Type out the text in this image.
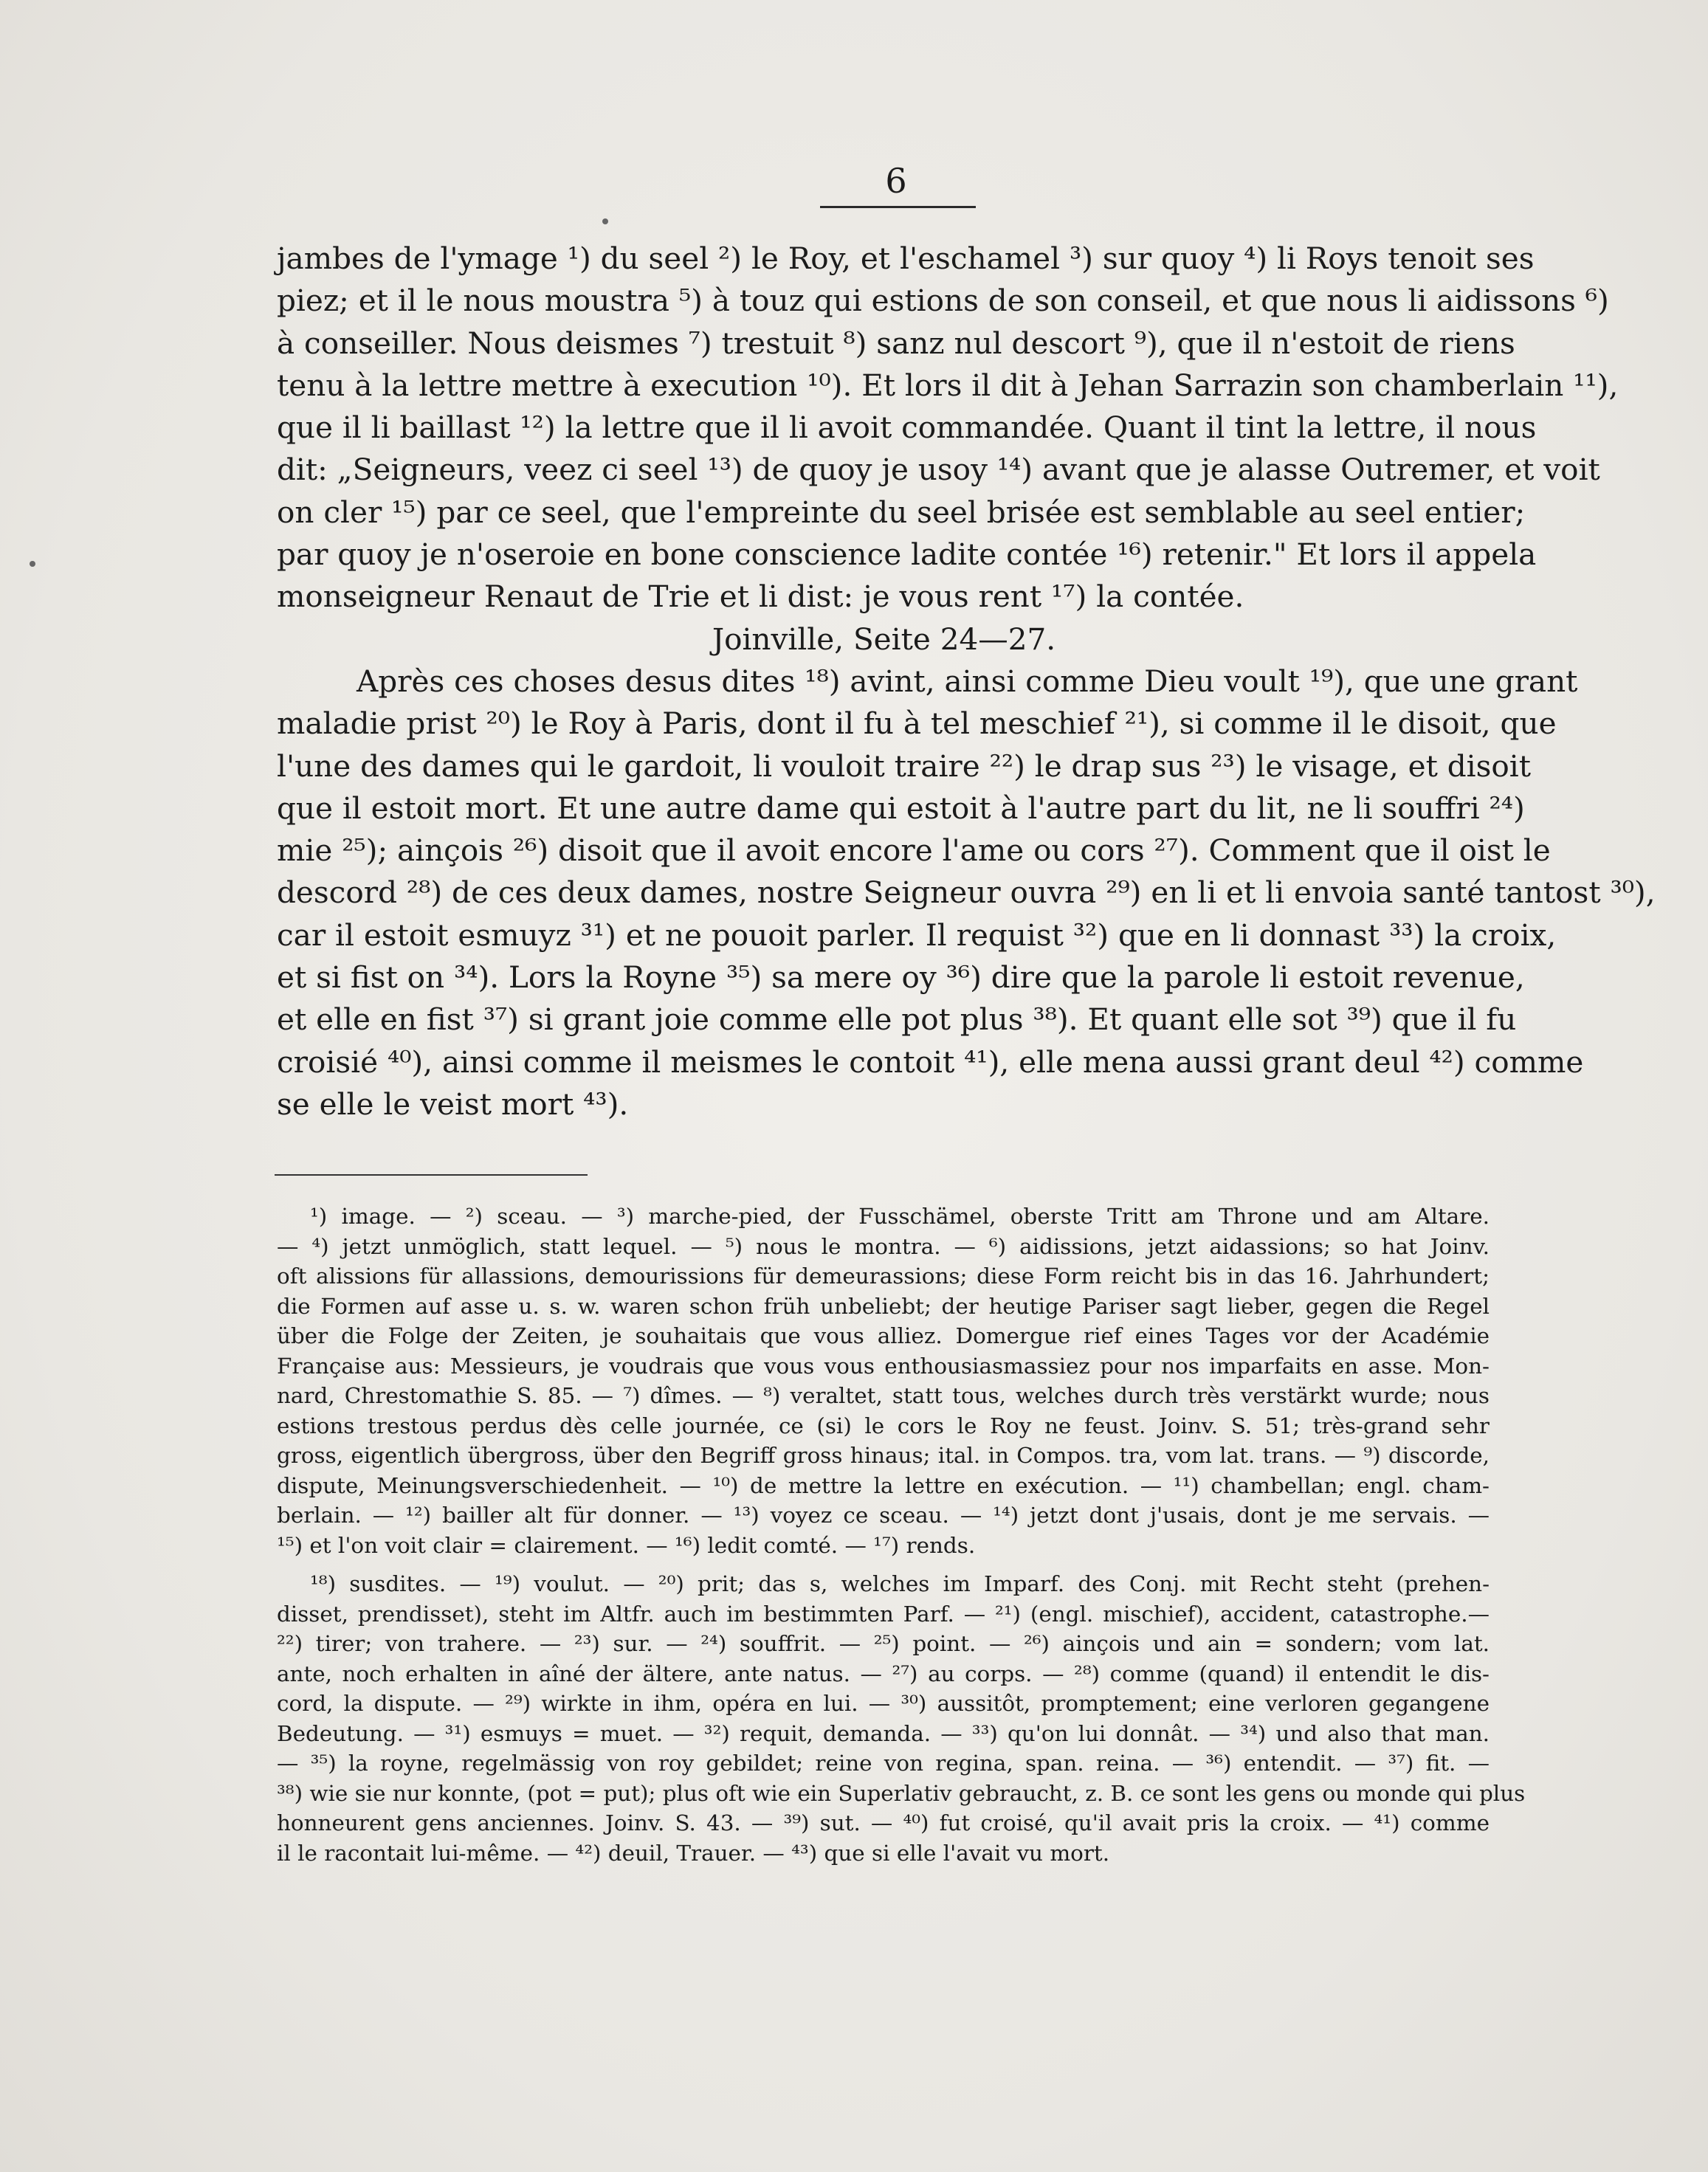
6
jambes de l'ymage ¹) du seel ²) le Roy, et l'eschamel ³) sur quoy ⁴) li Roys tenoit ses
piez; et il le nous moustra ⁵) à touz qui estions de son conseil, et que nous li aidissons ⁶)
à conseiller. Nous deismes ⁷) trestuit ⁸) sanz nul descort ⁹), que il n'estoit de riens
tenu à la lettre mettre à execution ¹⁰). Et lors il dit à Jehan Sarrazin son chamberlain ¹¹),
que il li baillast ¹²) la lettre que il li avoit commandée. Quant il tint la lettre, il nous
dit: „Seigneurs, veez ci seel ¹³) de quoy je usoy ¹⁴) avant que je alasse Outremer, et voit
on cler ¹⁵) par ce seel, que l'empreinte du seel brisée est semblable au seel entier;
par quoy je n'oseroie en bone conscience ladite contée ¹⁶) retenir." Et lors il appela
monseigneur Renaut de Trie et li dist: je vous rent ¹⁷) la contée.
Joinville, Seite 24—27.
Après ces choses desus dites ¹⁸) avint, ainsi comme Dieu voult ¹⁹), que une grant
maladie prist ²⁰) le Roy à Paris, dont il fu à tel meschief ²¹), si comme il le disoit, que
l'une des dames qui le gardoit, li vouloit traire ²²) le drap sus ²³) le visage, et disoit
que il estoit mort. Et une autre dame qui estoit à l'autre part du lit, ne li souffri ²⁴)
mie ²⁵); ainçois ²⁶) disoit que il avoit encore l'ame ou cors ²⁷). Comment que il oist le
descord ²⁸) de ces deux dames, nostre Seigneur ouvra ²⁹) en li et li envoia santé tantost ³⁰),
car il estoit esmuyz ³¹) et ne pouoit parler. Il requist ³²) que en li donnast ³³) la croix,
et si fist on ³⁴). Lors la Royne ³⁵) sa mere oy ³⁶) dire que la parole li estoit revenue,
et elle en fist ³⁷) si grant joie comme elle pot plus ³⁸). Et quant elle sot ³⁹) que il fu
croisié ⁴⁰), ainsi comme il meismes le contoit ⁴¹), elle mena aussi grant deul ⁴²) comme
se elle le veist mort ⁴³).
¹) image. — ²) sceau. — ³) marche-pied, der Fusschämel, oberste Tritt am Throne und am Altare.
— ⁴) jetzt unmöglich, statt lequel. — ⁵) nous le montra. — ⁶) aidissions, jetzt aidassions; so hat Joinv.
oft alissions für allassions, demourissions für demeurassions; diese Form reicht bis in das 16. Jahrhundert;
die Formen auf asse u. s. w. waren schon früh unbeliebt; der heutige Pariser sagt lieber, gegen die Regel
über die Folge der Zeiten, je souhaitais que vous alliez. Domergue rief eines Tages vor der Académie
Française aus: Messieurs, je voudrais que vous vous enthousiasmassiez pour nos imparfaits en asse. Mon-
nard, Chrestomathie S. 85. — ⁷) dîmes. — ⁸) veraltet, statt tous, welches durch très verstärkt wurde; nous
estions trestous perdus dès celle journée, ce (si) le cors le Roy ne feust. Joinv. S. 51; très-grand sehr
gross, eigentlich übergross, über den Begriff gross hinaus; ital. in Compos. tra, vom lat. trans. — ⁹) discorde,
dispute, Meinungsverschiedenheit. — ¹⁰) de mettre la lettre en exécution. — ¹¹) chambellan; engl. cham-
berlain. — ¹²) bailler alt für donner. — ¹³) voyez ce sceau. — ¹⁴) jetzt dont j'usais, dont je me servais. —
¹⁵) et l'on voit clair = clairement. — ¹⁶) ledit comté. — ¹⁷) rends.
¹⁸) susdites. — ¹⁹) voulut. — ²⁰) prit; das s, welches im Imparf. des Conj. mit Recht steht (prehen-
disset, prendisset), steht im Altfr. auch im bestimmten Parf. — ²¹) (engl. mischief), accident, catastrophe.—
²²) tirer; von trahere. — ²³) sur. — ²⁴) souffrit. — ²⁵) point. — ²⁶) ainçois und ain = sondern; vom lat.
ante, noch erhalten in aîné der ältere, ante natus. — ²⁷) au corps. — ²⁸) comme (quand) il entendit le dis-
cord, la dispute. — ²⁹) wirkte in ihm, opéra en lui. — ³⁰) aussitôt, promptement; eine verloren gegangene
Bedeutung. — ³¹) esmuys = muet. — ³²) requit, demanda. — ³³) qu'on lui donnât. — ³⁴) und also that man.
— ³⁵) la royne, regelmässig von roy gebildet; reine von regina, span. reina. — ³⁶) entendit. — ³⁷) fit. —
³⁸) wie sie nur konnte, (pot = put); plus oft wie ein Superlativ gebraucht, z. B. ce sont les gens ou monde qui plus
honneurent gens anciennes. Joinv. S. 43. — ³⁹) sut. — ⁴⁰) fut croisé, qu'il avait pris la croix. — ⁴¹) comme
il le racontait lui-même. — ⁴²) deuil, Trauer. — ⁴³) que si elle l'avait vu mort.
